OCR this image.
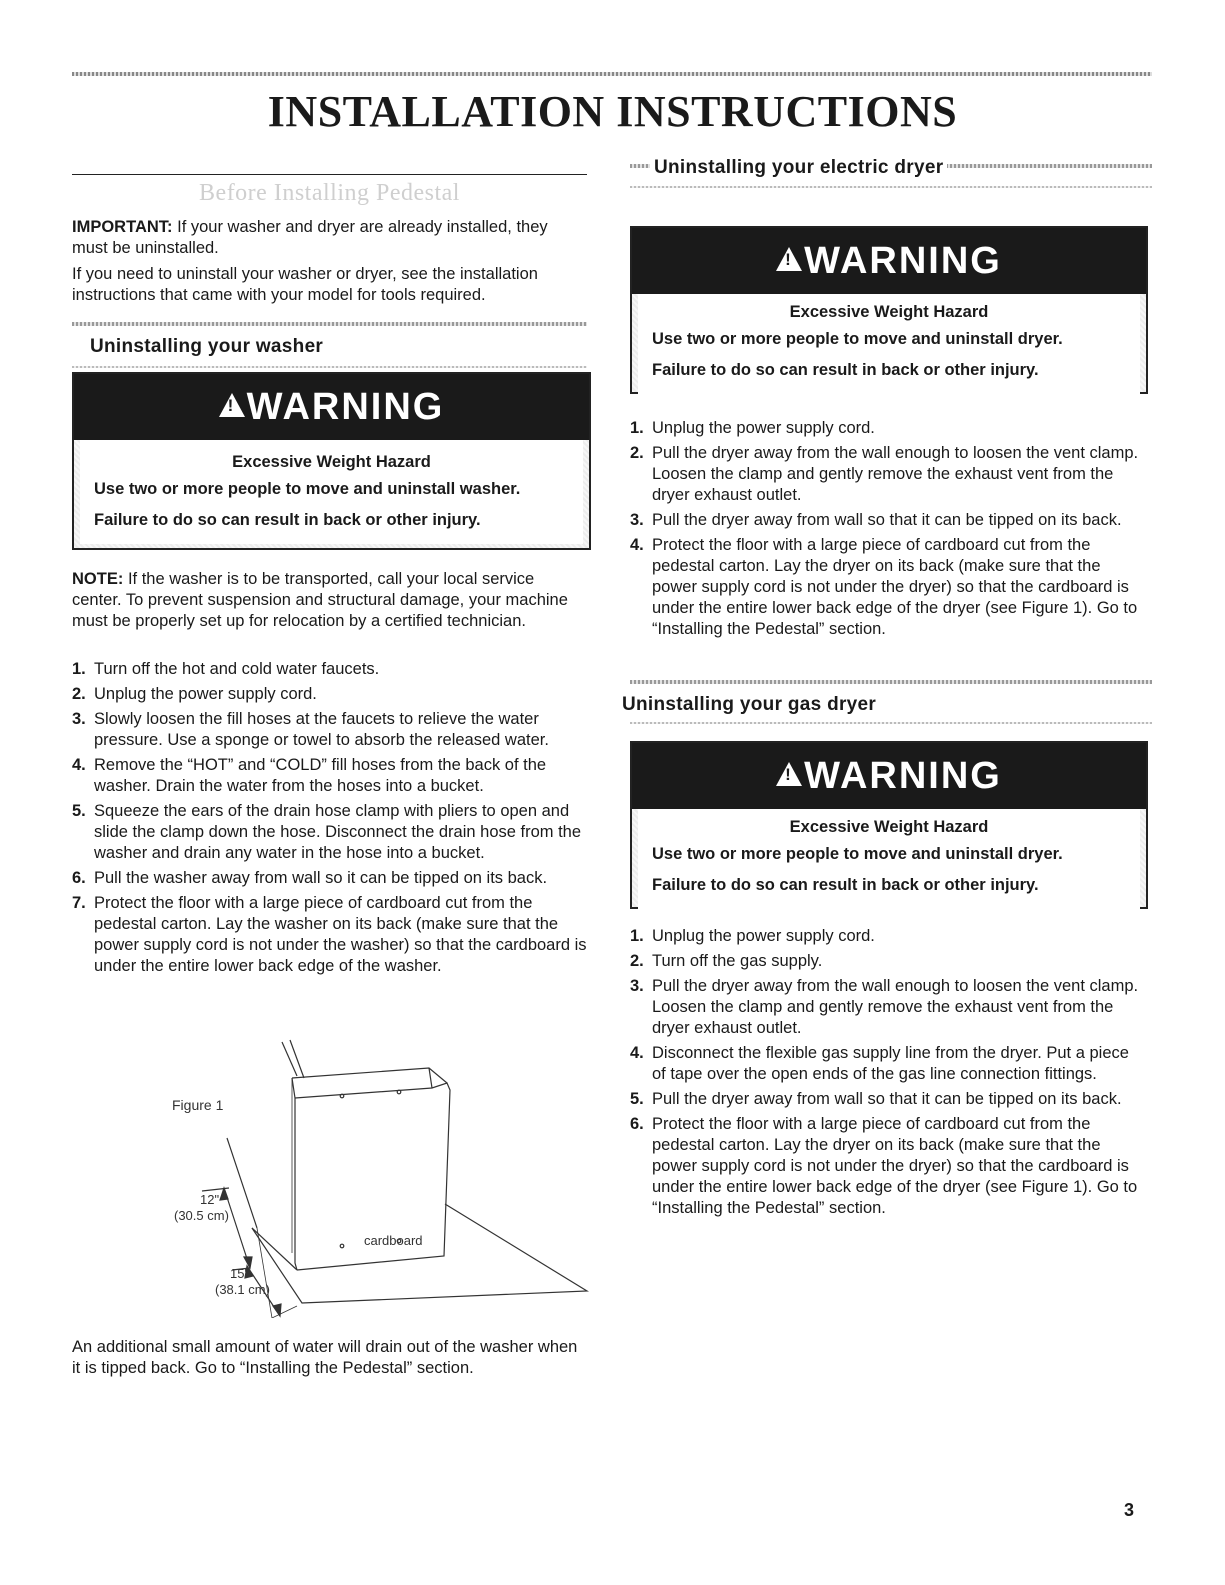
INSTALLATION INSTRUCTIONS
Before Installing Pedestal

IMPORTANT: If your washer and dryer are already installed, they must be uninstalled.

If you need to uninstall your washer or dryer, see the installation instructions that came with your model for tools required.

Uninstalling your washer

!WARNING

Excessive Weight Hazard

Use two or more people to move and uninstall washer.

Failure to do so can result in back or other injury.

NOTE: If the washer is to be transported, call your local service center. To prevent suspension and structural damage, your machine must be properly set up for relocation by a certified technician.

1. Turn off the hot and cold water faucets.
2. Unplug the power supply cord.
3. Slowly loosen the fill hoses at the faucets to relieve the water pressure. Use a sponge or towel to absorb the released water.
4. Remove the “HOT” and “COLD” fill hoses from the back of the washer. Drain the water from the hoses into a bucket.
5. Squeeze the ears of the drain hose clamp with pliers to open and slide the clamp down the hose. Disconnect the drain hose from the washer and drain any water in the hose into a bucket.
6. Pull the washer away from wall so it can be tipped on its back.
7. Protect the floor with a large piece of cardboard cut from the pedestal carton. Lay the washer on its back (make sure that the power supply cord is not under the washer) so that the cardboard is under the entire lower back edge of the washer.
Figure 1
12"
(30.5 cm)
cardboard
15"
(38.1 cm)

An additional small amount of water will drain out of the washer when it is tipped back. Go to “Installing the Pedestal” section.

Uninstalling your electric dryer

!WARNING

Excessive Weight Hazard

Use two or more people to move and uninstall dryer.

Failure to do so can result in back or other injury.

1. Unplug the power supply cord.
2. Pull the dryer away from the wall enough to loosen the vent clamp. Loosen the clamp and gently remove the exhaust vent from the dryer exhaust outlet.
3. Pull the dryer away from wall so that it can be tipped on its back.
4. Protect the floor with a large piece of cardboard cut from the pedestal carton. Lay the dryer on its back (make sure that the power supply cord is not under the dryer) so that the cardboard is under the entire lower back edge of the dryer (see Figure 1). Go to “Installing the Pedestal” section.

Uninstalling your gas dryer

!WARNING

Excessive Weight Hazard

Use two or more people to move and uninstall dryer.

Failure to do so can result in back or other injury.

1. Unplug the power supply cord.
2. Turn off the gas supply.
3. Pull the dryer away from the wall enough to loosen the vent clamp. Loosen the clamp and gently remove the exhaust vent from the dryer exhaust outlet.
4. Disconnect the flexible gas supply line from the dryer. Put a piece of tape over the open ends of the gas line connection fittings.
5. Pull the dryer away from wall so that it can be tipped on its back.
6. Protect the floor with a large piece of cardboard cut from the pedestal carton. Lay the dryer on its back (make sure that the power supply cord is not under the dryer) so that the cardboard is under the entire lower back edge of the dryer (see Figure 1). Go to “Installing the Pedestal” section.
3
